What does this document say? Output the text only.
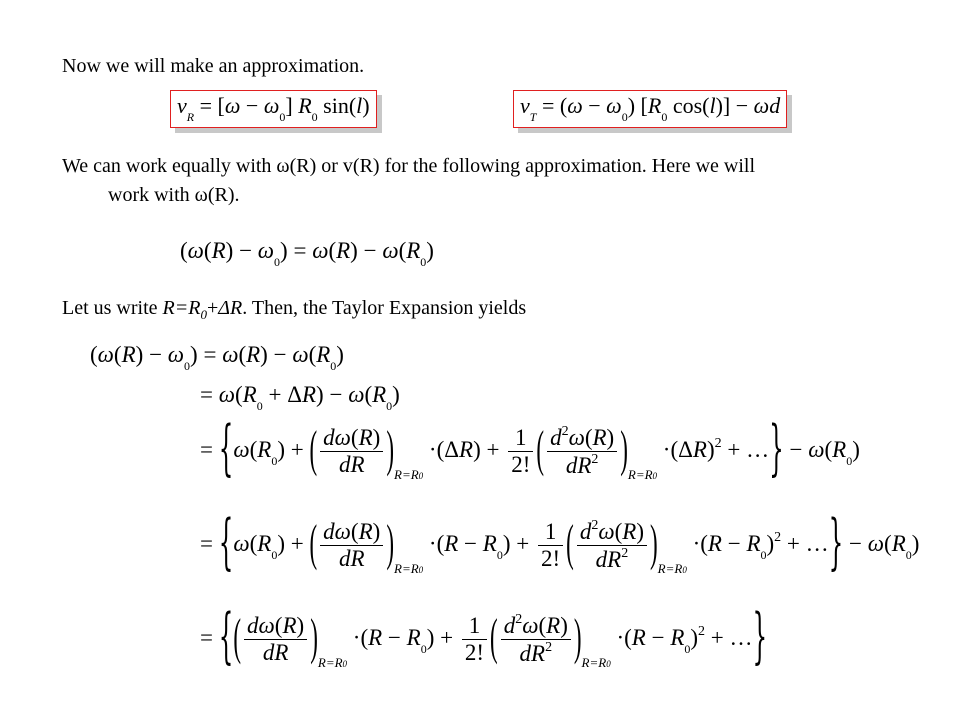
Now we will make an approximation.
$v_R = [\omega - \omega_0]$ $R_0$ sin(l)	$v_T = (\omega - \omega_0)$ [$R_0$ cos(l)] − ωd
We can work equally with ω(R) or v(R) for the following approximation. Here we will
work with ω(R).
$(\omega(R) - \omega_0) = \omega(R) - \omega(R_0)$
Let us write $R=R_0+\Delta R$. Then, the Taylor Expansion yields
$(\omega(R) - \omega_0) = \omega(R) - \omega(R_0)$
= $\omega(R_0 + \Delta R) - \omega(R_0)$
= {$\omega(R_0)$ + ( $\frac{d\omega(R)}{dR} )_{R=R0} \cdot(\Delta R) + \frac{1}{2!}$ ( $\frac{d^2\omega(R)}{dR^2} )_{R=R0} \cdot(\Delta R)^2$ + …} − $\omega(R_0)$
= {$\omega(R_0)$ + ( $\frac{d\omega(R)}{dR} )_{R=R0} \cdot(R - R_0) + \frac{1}{2!}$ ( $\frac{d^2\omega(R)}{dR^2} )_{R=R0} \cdot(R - R_0)^2$ + …} − $\omega(R_0)$
= {( $\frac{d\omega(R)}{dR} )_{R=R0} \cdot(R - R_0) + \frac{1}{2!}$ ( $\frac{d^2\omega(R)}{dR^2} )_{R=R0} \cdot(R - R_0)^2$ + …}
